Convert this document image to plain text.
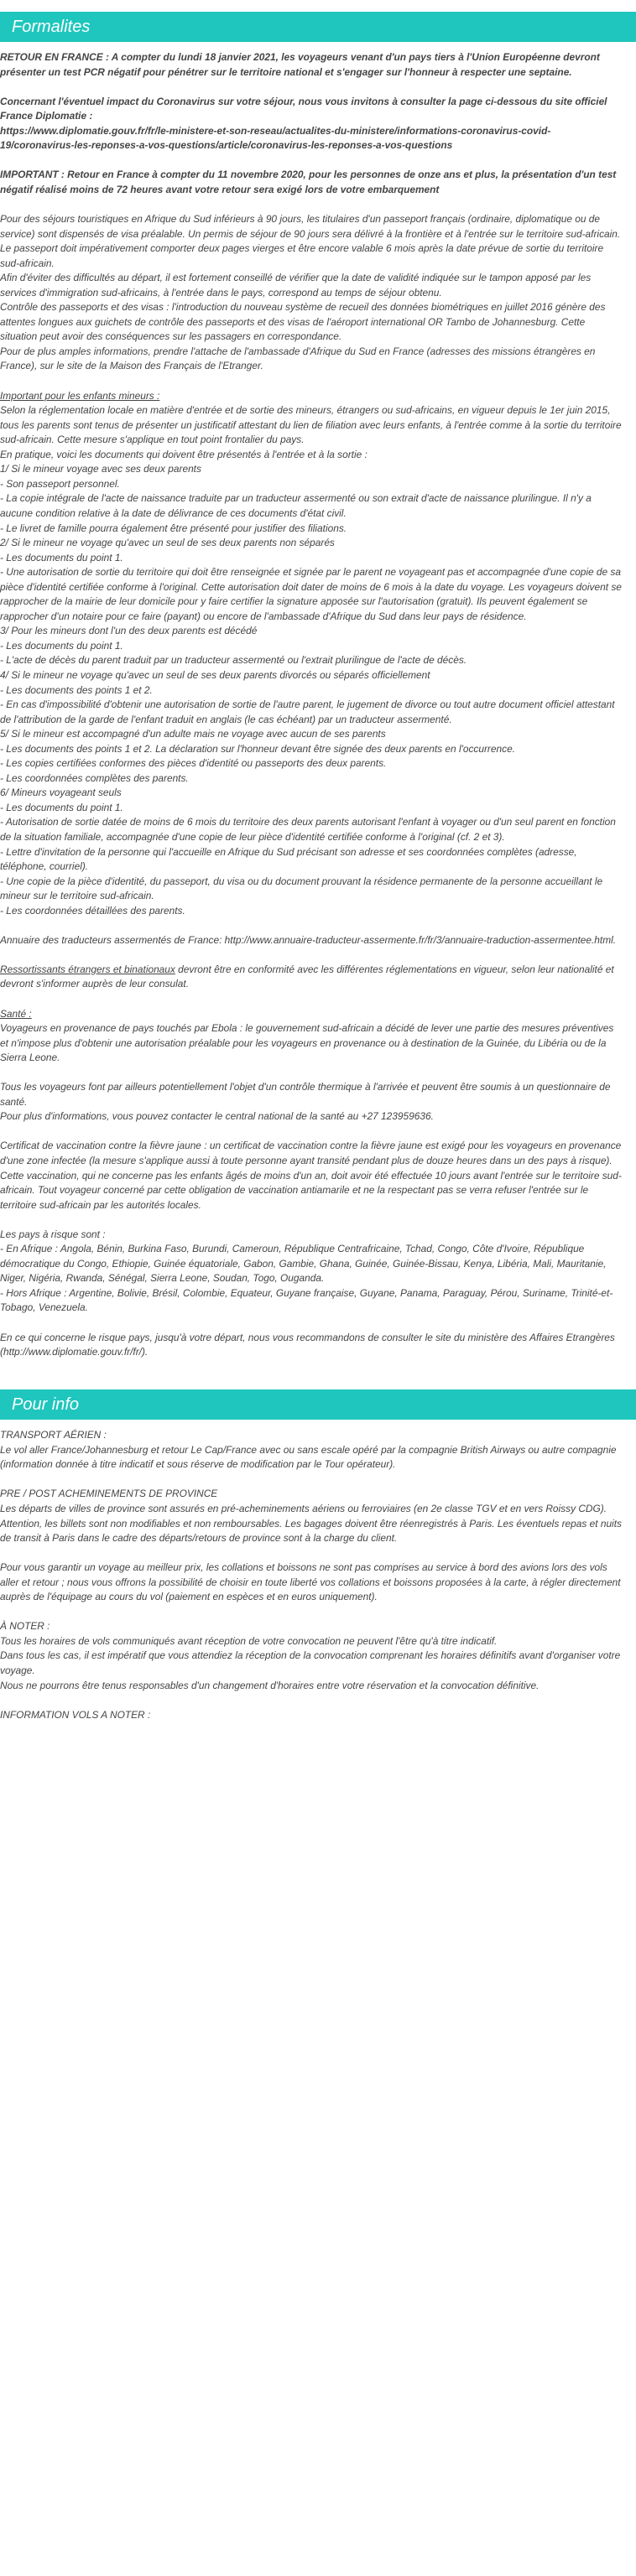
Formalites

RETOUR EN FRANCE : A compter du lundi 18 janvier 2021, les voyageurs venant d'un pays tiers à l'Union Européenne devront présenter un test PCR négatif pour pénétrer sur le territoire national et s'engager sur l'honneur à respecter une septaine.

Concernant l'éventuel impact du Coronavirus sur votre séjour, nous vous invitons à consulter la page ci-dessous du site officiel France Diplomatie :

https://www.diplomatie.gouv.fr/fr/le-ministere-et-son-reseau/actualites-du-ministere/informations-coronavirus-covid-19/coronavirus-les-reponses-a-vos-questions/article/coronavirus-les-reponses-a-vos-questions

IMPORTANT : Retour en France à compter du 11 novembre 2020, pour les personnes de onze ans et plus, la présentation d'un test négatif réalisé moins de 72 heures avant votre retour sera exigé lors de votre embarquement

Pour des séjours touristiques en Afrique du Sud inférieurs à 90 jours, les titulaires d'un passeport français (ordinaire, diplomatique ou de service) sont dispensés de visa préalable. Un permis de séjour de 90 jours sera délivré à la frontière et à l'entrée sur le territoire sud-africain.

Le passeport doit impérativement comporter deux pages vierges et être encore valable 6 mois après la date prévue de sortie du territoire sud-africain.

Afin d'éviter des difficultés au départ, il est fortement conseillé de vérifier que la date de validité indiquée sur le tampon apposé par les services d'immigration sud-africains, à l'entrée dans le pays, correspond au temps de séjour obtenu.

Contrôle des passeports et des visas : l'introduction du nouveau système de recueil des données biométriques en juillet 2016 génère des attentes longues aux guichets de contrôle des passeports et des visas de l'aéroport international OR Tambo de Johannesburg. Cette situation peut avoir des conséquences sur les passagers en correspondance.

Pour de plus amples informations, prendre l'attache de l'ambassade d'Afrique du Sud en France (adresses des missions étrangères en France), sur le site de la Maison des Français de l'Etranger.

Important pour les enfants mineurs :

Selon la réglementation locale en matière d'entrée et de sortie des mineurs, étrangers ou sud-africains, en vigueur depuis le 1er juin 2015, tous les parents sont tenus de présenter un justificatif attestant du lien de filiation avec leurs enfants, à l'entrée comme à la sortie du territoire sud-africain. Cette mesure s'applique en tout point frontalier du pays.

En pratique, voici les documents qui doivent être présentés à l'entrée et à la sortie :

1/ Si le mineur voyage avec ses deux parents

- Son passeport personnel.

- La copie intégrale de l'acte de naissance traduite par un traducteur assermenté ou son extrait d'acte de naissance plurilingue. Il n'y a aucune condition relative à la date de délivrance de ces documents d'état civil.

- Le livret de famille pourra également être présenté pour justifier des filiations.

2/ Si le mineur ne voyage qu'avec un seul de ses deux parents non séparés

- Les documents du point 1.

- Une autorisation de sortie du territoire qui doit être renseignée et signée par le parent ne voyageant pas et accompagnée d'une copie de sa pièce d'identité certifiée conforme à l'original. Cette autorisation doit dater de moins de 6 mois à la date du voyage. Les voyageurs doivent se rapprocher de la mairie de leur domicile pour y faire certifier la signature apposée sur l'autorisation (gratuit). Ils peuvent également se rapprocher d'un notaire pour ce faire (payant) ou encore de l'ambassade d'Afrique du Sud dans leur pays de résidence.

3/ Pour les mineurs dont l'un des deux parents est décédé

- Les documents du point 1.

- L'acte de décès du parent traduit par un traducteur assermenté ou l'extrait plurilingue de l'acte de décès.

4/ Si le mineur ne voyage qu'avec un seul de ses deux parents divorcés ou séparés officiellement

- Les documents des points 1 et 2.

- En cas d'impossibilité d'obtenir une autorisation de sortie de l'autre parent, le jugement de divorce ou tout autre document officiel attestant de l'attribution de la garde de l'enfant traduit en anglais (le cas échéant) par un traducteur assermenté.

5/ Si le mineur est accompagné d'un adulte mais ne voyage avec aucun de ses parents

- Les documents des points 1 et 2. La déclaration sur l'honneur devant être signée des deux parents en l'occurrence.

- Les copies certifiées conformes des pièces d'identité ou passeports des deux parents.

- Les coordonnées complètes des parents.

6/ Mineurs voyageant seuls

- Les documents du point 1.

- Autorisation de sortie datée de moins de 6 mois du territoire des deux parents autorisant l'enfant à voyager ou d'un seul parent en fonction de la situation familiale, accompagnée d'une copie de leur pièce d'identité certifiée conforme à l'original (cf. 2 et 3).

- Lettre d'invitation de la personne qui l'accueille en Afrique du Sud précisant son adresse et ses coordonnées complètes (adresse, téléphone, courriel).

- Une copie de la pièce d'identité, du passeport, du visa ou du document prouvant la résidence permanente de la personne accueillant le mineur sur le territoire sud-africain.

- Les coordonnées détaillées des parents.

Annuaire des traducteurs assermentés de France: http://www.annuaire-traducteur-assermente.fr/fr/3/annuaire-traduction-assermentee.html.

Ressortissants étrangers et binationaux devront être en conformité avec les différentes réglementations en vigueur, selon leur nationalité et devront s'informer auprès de leur consulat.

Santé :

Voyageurs en provenance de pays touchés par Ebola : le gouvernement sud-africain a décidé de lever une partie des mesures préventives et n'impose plus d'obtenir une autorisation préalable pour les voyageurs en provenance ou à destination de la Guinée, du Libéria ou de la Sierra Leone.

Tous les voyageurs font par ailleurs potentiellement l'objet d'un contrôle thermique à l'arrivée et peuvent être soumis à un questionnaire de santé.

Pour plus d'informations, vous pouvez contacter le central national de la santé au +27 123959636.

Certificat de vaccination contre la fièvre jaune : un certificat de vaccination contre la fièvre jaune est exigé pour les voyageurs en provenance d'une zone infectée (la mesure s'applique aussi à toute personne ayant transité pendant plus de douze heures dans un des pays à risque). Cette vaccination, qui ne concerne pas les enfants âgés de moins d'un an, doit avoir été effectuée 10 jours avant l'entrée sur le territoire sud-africain. Tout voyageur concerné par cette obligation de vaccination antiamarile et ne la respectant pas se verra refuser l'entrée sur le territoire sud-africain par les autorités locales.

Les pays à risque sont :

- En Afrique : Angola, Bénin, Burkina Faso, Burundi, Cameroun, République Centrafricaine, Tchad, Congo, Côte d'Ivoire, République démocratique du Congo, Ethiopie, Guinée équatoriale, Gabon, Gambie, Ghana, Guinée, Guinée-Bissau, Kenya, Libéria, Mali, Mauritanie, Niger, Nigéria, Rwanda, Sénégal, Sierra Leone, Soudan, Togo, Ouganda.

- Hors Afrique : Argentine, Bolivie, Brésil, Colombie, Equateur, Guyane française, Guyane, Panama, Paraguay, Pérou, Suriname, Trinité-et-Tobago, Venezuela.

En ce qui concerne le risque pays, jusqu'à votre départ, nous vous recommandons de consulter le site du ministère des Affaires Etrangères (http://www.diplomatie.gouv.fr/fr/).

Pour info

TRANSPORT AÉRIEN :

Le vol aller France/Johannesburg et retour Le Cap/France avec ou sans escale opéré par la compagnie British Airways ou autre compagnie (information donnée à titre indicatif et sous réserve de modification par le Tour opérateur).

PRE / POST ACHEMINEMENTS DE PROVINCE

Les départs de villes de province sont assurés en pré-acheminements aériens ou ferroviaires (en 2e classe TGV et en vers Roissy CDG). Attention, les billets sont non modifiables et non remboursables. Les bagages doivent être réenregistrés à Paris. Les éventuels repas et nuits de transit à Paris dans le cadre des départs/retours de province sont à la charge du client.

Pour vous garantir un voyage au meilleur prix, les collations et boissons ne sont pas comprises au service à bord des avions lors des vols aller et retour ; nous vous offrons la possibilité de choisir en toute liberté vos collations et boissons proposées à la carte, à régler directement auprès de l'équipage au cours du vol (paiement en espèces et en euros uniquement).

À NOTER :

Tous les horaires de vols communiqués avant réception de votre convocation ne peuvent l'être qu'à titre indicatif.

Dans tous les cas, il est impératif que vous attendiez la réception de la convocation comprenant les horaires définitifs avant d'organiser votre voyage.

Nous ne pourrons être tenus responsables d'un changement d'horaires entre votre réservation et la convocation définitive.

INFORMATION VOLS A NOTER :
